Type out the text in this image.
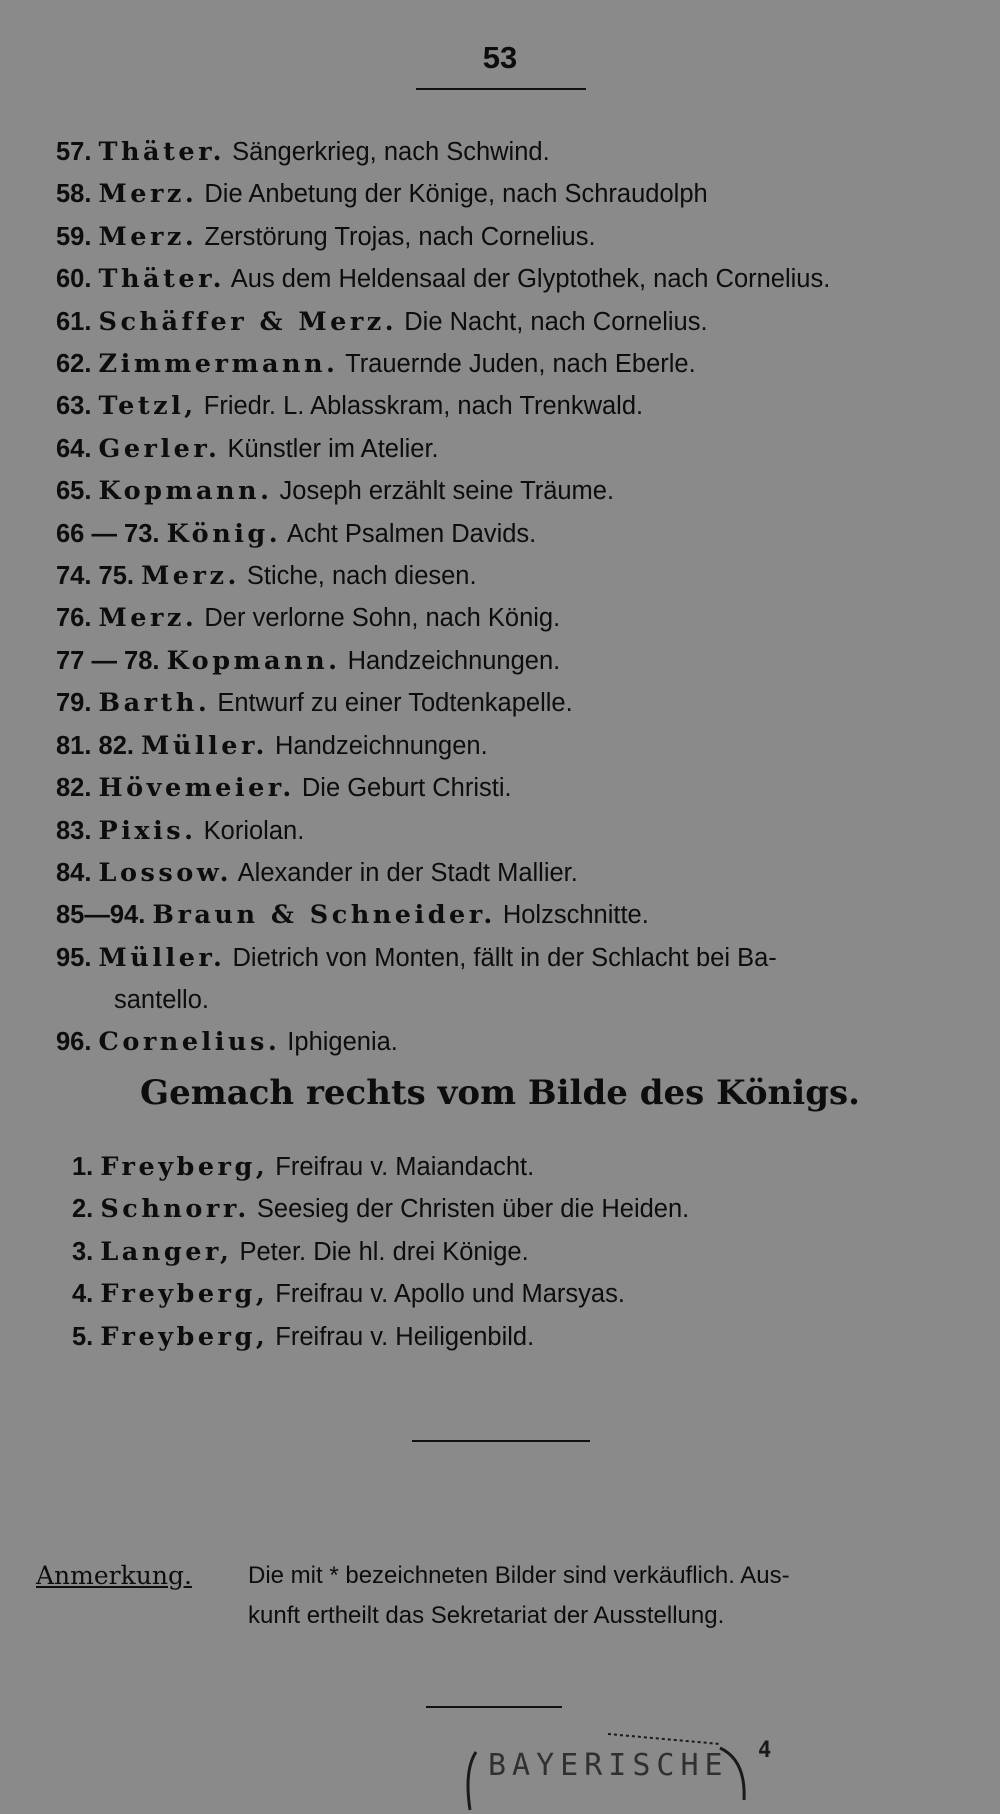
53
57. Thäter. Sängerkrieg, nach Schwind.
58. Merz. Die Anbetung der Könige, nach Schraudolph
59. Merz. Zerstörung Trojas, nach Cornelius.
60. Thäter. Aus dem Heldensaal der Glyptothek, nach Cornelius.
61. Schäffer & Merz. Die Nacht, nach Cornelius.
62. Zimmermann. Trauernde Juden, nach Eberle.
63. Tetzl, Friedr. L. Ablasskram, nach Trenkwald.
64. Gerler. Künstler im Atelier.
65. Kopmann. Joseph erzählt seine Träume.
66 — 73. König. Acht Psalmen Davids.
74. 75. Merz. Stiche, nach diesen.
76. Merz. Der verlorne Sohn, nach König.
77 — 78. Kopmann. Handzeichnungen.
79. Barth. Entwurf zu einer Todtenkapelle.
81. 82. Müller. Handzeichnungen.
82. Hövemeier. Die Geburt Christi.
83. Pixis. Koriolan.
84. Lossow. Alexander in der Stadt Mallier.
85—94. Braun & Schneider. Holzschnitte.
95. Müller. Dietrich von Monten, fällt in der Schlacht bei Ba-
santello.
96. Cornelius. Iphigenia.
Gemach rechts vom Bilde des Königs.
1. Freyberg, Freifrau v. Maiandacht.
2. Schnorr. Seesieg der Christen über die Heiden.
3. Langer, Peter. Die hl. drei Könige.
4. Freyberg, Freifrau v. Apollo und Marsyas.
5. Freyberg, Freifrau v. Heiligenbild.
Anmerkung. Die mit * bezeichneten Bilder sind verkäuflich. Aus-
kunft ertheilt das Sekretariat der Ausstellung.
BAYERISCHE 4
